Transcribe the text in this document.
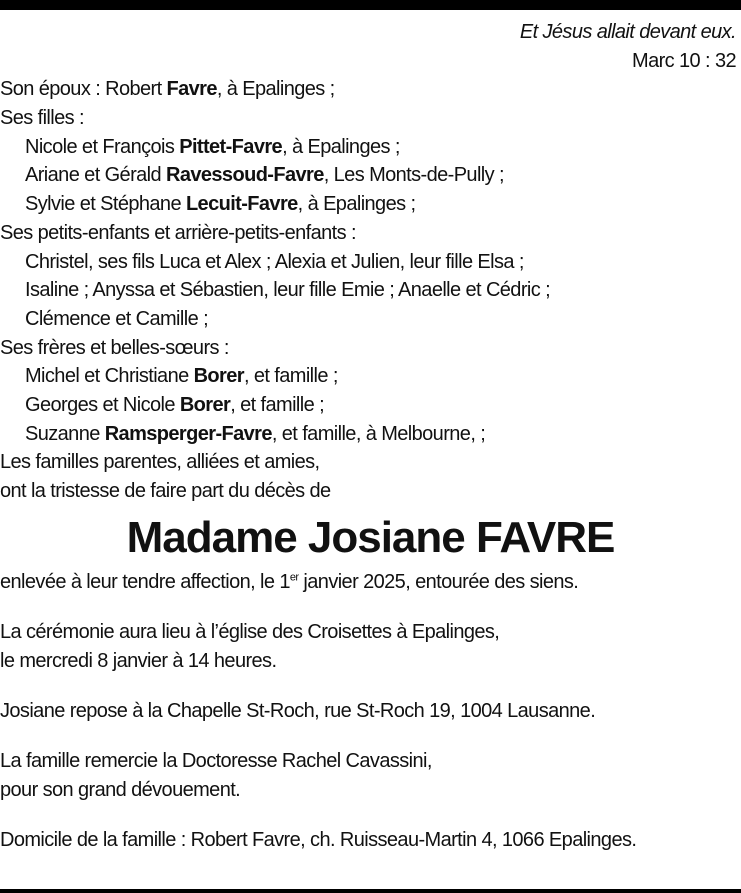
Et Jésus allait devant eux.
Marc 10 : 32
Son époux : Robert Favre, à Epalinges ;
Ses filles :
Nicole et François Pittet-Favre, à Epalinges ;
Ariane et Gérald Ravessoud-Favre, Les Monts-de-Pully ;
Sylvie et Stéphane Lecuit-Favre, à Epalinges ;
Ses petits-enfants et arrière-petits-enfants :
Christel, ses fils Luca et Alex ; Alexia et Julien, leur fille Elsa ;
Isaline ; Anyssa et Sébastien, leur fille Emie ; Anaelle et Cédric ;
Clémence et Camille ;
Ses frères et belles-sœurs :
Michel et Christiane Borer, et famille ;
Georges et Nicole Borer, et famille ;
Suzanne Ramsperger-Favre, et famille, à Melbourne, ;
Les familles parentes, alliées et amies,
ont la tristesse de faire part du décès de
Madame Josiane FAVRE
enlevée à leur tendre affection, le 1er janvier 2025, entourée des siens.
La cérémonie aura lieu à l’église des Croisettes à Epalinges,
le mercredi 8 janvier à 14 heures.
Josiane repose à la Chapelle St-Roch, rue St-Roch 19, 1004 Lausanne.
La famille remercie la Doctoresse Rachel Cavassini,
pour son grand dévouement.
Domicile de la famille : Robert Favre, ch. Ruisseau-Martin 4, 1066 Epalinges.
